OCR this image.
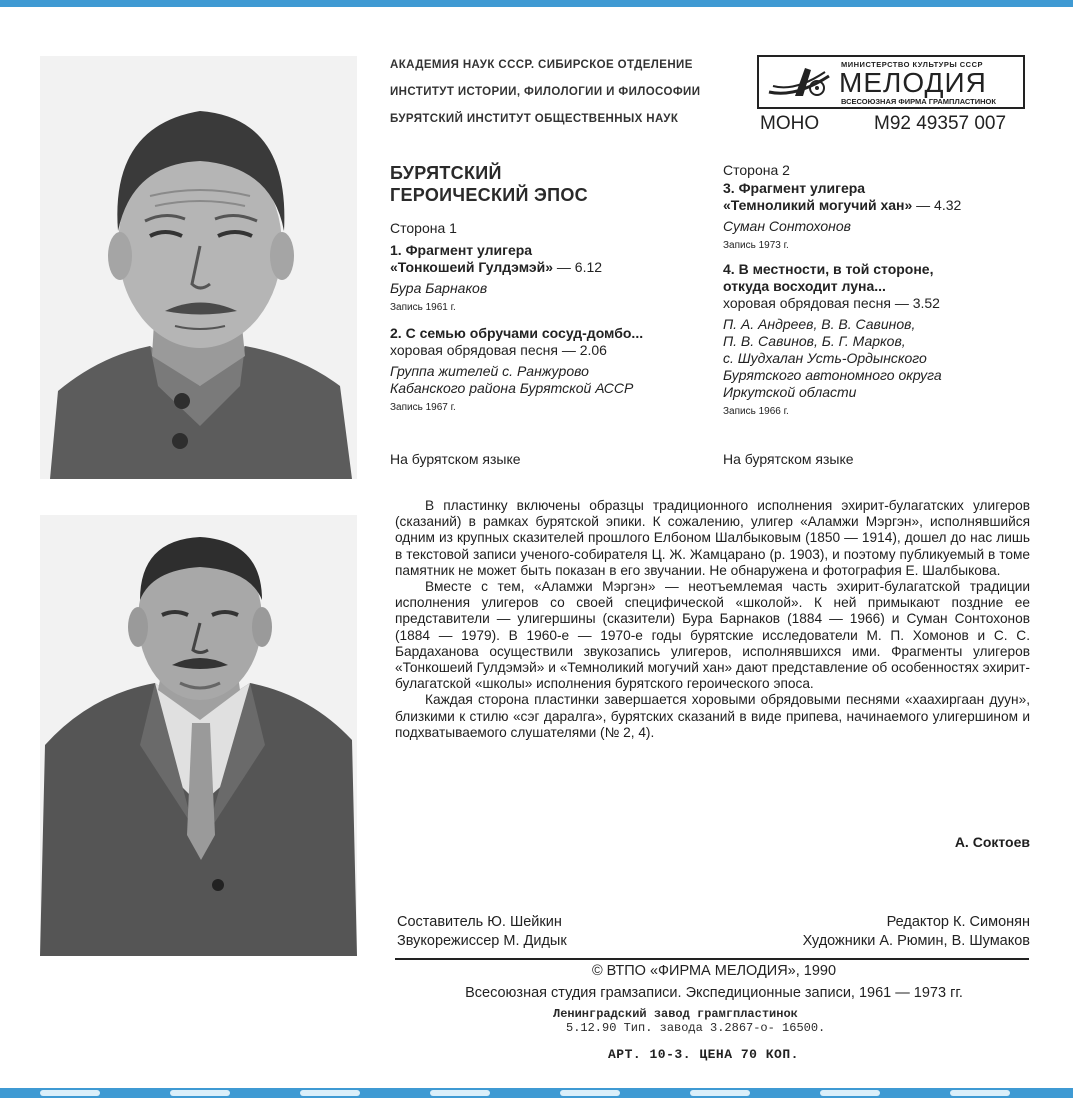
АКАДЕМИЯ НАУК СССР. СИБИРСКОЕ ОТДЕЛЕНИЕ
ИНСТИТУТ ИСТОРИИ, ФИЛОЛОГИИ И ФИЛОСОФИИ
БУРЯТСКИЙ ИНСТИТУТ ОБЩЕСТВЕННЫХ НАУК
МИНИСТЕРСТВО КУЛЬТУРЫ СССР
МЕЛОДИЯ
ВСЕСОЮЗНАЯ ФИРМА ГРАМПЛАСТИНОК
МОНО	М92 49357 007
БУРЯТСКИЙ
ГЕРОИЧЕСКИЙ ЭПОС
Сторона 1
1. Фрагмент улигера
«Тонкошеий Гулдэмэй» — 6.12
Бура Барнаков
Запись 1961 г.
2. С семью обручами сосуд-домбо...
хоровая обрядовая песня — 2.06
Группа жителей с. Ранжурово
Кабанского района Бурятской АССР
Запись 1967 г.
На бурятском языке
Сторона 2
3. Фрагмент улигера
«Темноликий могучий хан» — 4.32
Суман Сонтохонов
Запись 1973 г.
4. В местности, в той стороне,
откуда восходит луна...
хоровая обрядовая песня — 3.52
П. А. Андреев, В. В. Савинов,
П. В. Савинов, Б. Г. Марков,
с. Шудхалан Усть-Ордынского
Бурятского автономного округа
Иркутской области
Запись 1966 г.
На бурятском языке

В пластинку включены образцы традиционного исполнения эхирит-булагатских улигеров (сказаний) в рамках бурятской эпики. К сожалению, улигер «Аламжи Мэргэн», исполнявшийся одним из крупных сказителей прошлого Елбоном Шалбыковым (1850 — 1914), дошел до нас лишь в текстовой записи ученого-собирателя Ц. Ж. Жамцарано (р. 1903), и поэтому публикуемый в томе памятник не может быть показан в его звучании. Не обнаружена и фотография Е. Шалбыкова.

Вместе с тем, «Аламжи Мэргэн» — неотъемлемая часть эхирит-булагатской традиции исполнения улигеров со своей специфической «школой». К ней примыкают поздние ее представители — улигершины (сказители) Бура Барнаков (1884 — 1966) и Суман Сонтохонов (1884 — 1979). В 1960-е — 1970-е годы бурятские исследователи М. П. Хомонов и С. С. Бардаханова осуществили звукозапись улигеров, исполнявшихся ими. Фрагменты улигеров «Тонкошеий Гулдэмэй» и «Темноликий могучий хан» дают представление об особенностях эхирит-булагатской «школы» исполнения бурятского героического эпоса.

Каждая сторона пластинки завершается хоровыми обрядовыми песнями «хаахиргаан дуун», близкими к стилю «сэг даралга», бурятских сказаний в виде припева, начинаемого улигершином и подхватываемого слушателями (№ 2, 4).

А. Соктоев
Составитель Ю. Шейкин
Звукорежиссер М. Дидык
Редактор К. Симонян
Художники А. Рюмин, В. Шумаков
© ВТПО «ФИРМА МЕЛОДИЯ», 1990
Всесоюзная студия грамзаписи. Экспедиционные записи, 1961 — 1973 гг.
Ленинградский завод грамгпластинок
5.12.90 Тип. завода 3.2867-о- 16500.
АРТ. 10-3. ЦЕНА 70 КОП.
